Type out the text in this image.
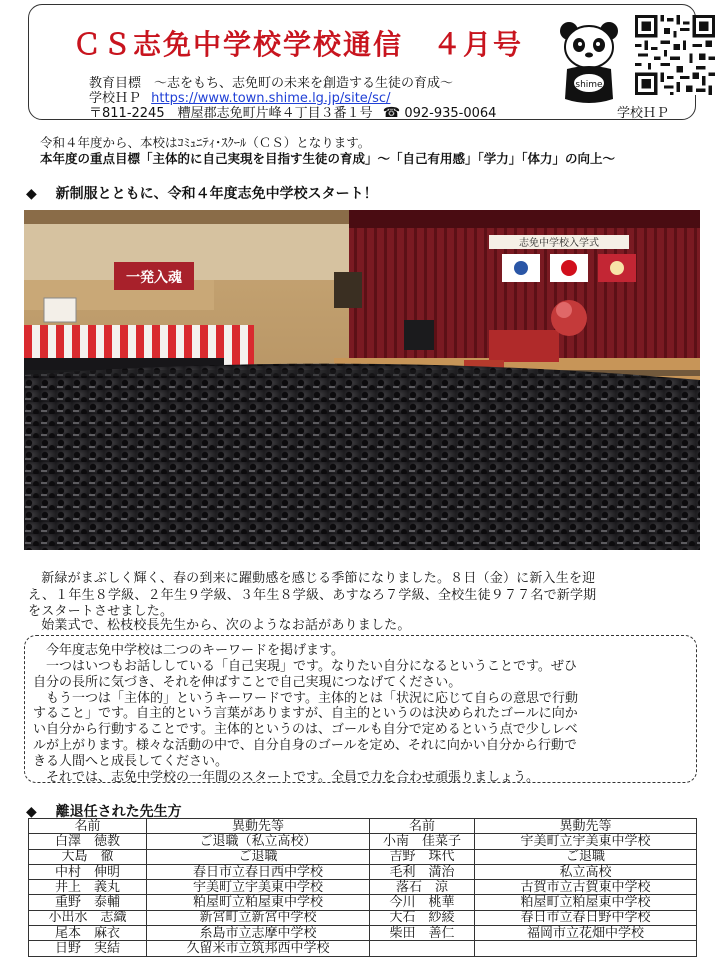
ＣＳ志免中学校学校通信　４月号
教育目標　～志をもち、志免町の未来を創造する生徒の育成～
学校ＨＰ https://www.town.shime.lg.jp/site/sc/
〒811-2245　糟屋郡志免町片峰４丁目３番１号 ☎ 092-935-0064	学校ＨＰ
shime
令和４年度から、本校はｺﾐｭﾆﾃｨ･ｽｸｰﾙ（ＣＳ）となります。
本年度の重点目標「主体的に自己実現を目指す生徒の育成」～「自己有用感」「学力」「体力」の向上～
◆ 新制服とともに、令和４年度志免中学校スタート！
志免中学校入学式
一発入魂
　新緑がまぶしく輝く、春の到来に躍動感を感じる季節になりました。８日（金）に新入生を迎
え、１年生８学級、２年生９学級、３年生８学級、あすなろ７学級、全校生徒９７７名で新学期
をスタートさせました。
　始業式で、松枝校長先生から、次のようなお話がありました。
　今年度志免中学校は二つのキーワードを掲げます。
　一つはいつもお話ししている「自己実現」です。なりたい自分になるということです。ぜひ
自分の長所に気づき、それを伸ばすことで自己実現につなげてください。
　もう一つは「主体的」というキーワードです。主体的とは「状況に応じて自らの意思で行動
すること」です。自主的という言葉がありますが、自主的というのは決められたゴールに向か
い自分から行動することです。主体的というのは、ゴールも自分で定めるという点で少しレベ
ルが上がります。様々な活動の中で、自分自身のゴールを定め、それに向かい自分から行動で
きる人間へと成長してください。
　それでは、志免中学校の一年間のスタートです。全員で力を合わせ頑張りましょう。
◆ 離退任された先生方
名前	異動先等	名前	異動先等
白澤　徳教	ご退職（私立高校）	小南　佳菜子	宇美町立宇美東中学校
大島　徹	ご退職	吉野　珠代	ご退職
中村　伸明	春日市立春日西中学校	毛利　満治	私立高校
井上　義丸	宇美町立宇美東中学校	落石　涼	古賀市立古賀東中学校
重野　泰輔	粕屋町立粕屋東中学校	今川　桃華	粕屋町立粕屋東中学校
小出水　志織	新宮町立新宮中学校	大石　紗綾	春日市立春日野中学校
尾本　麻衣	糸島市立志摩中学校	柴田　善仁	福岡市立花畑中学校
日野　実結	久留米市立筑邦西中学校		
